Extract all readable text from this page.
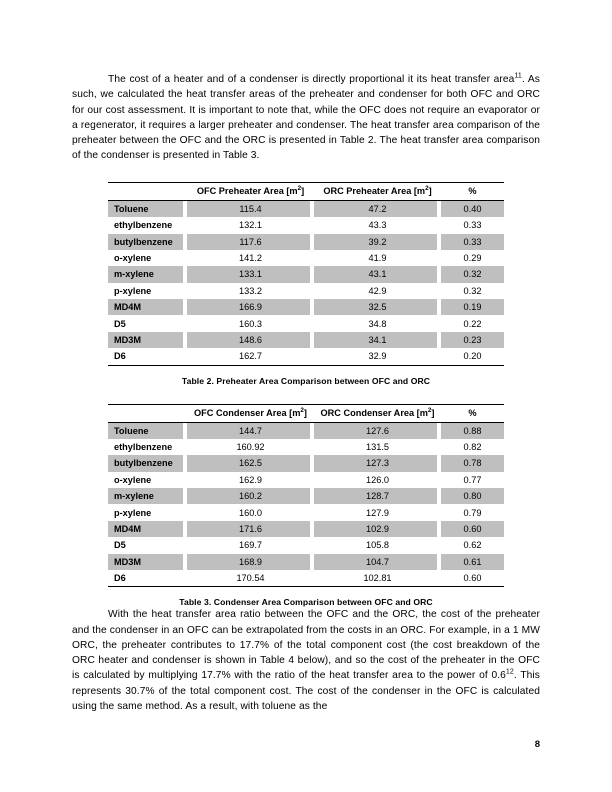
The cost of a heater and of a condenser is directly proportional it its heat transfer area$^{11}$. As such, we calculated the heat transfer areas of the preheater and condenser for both OFC and ORC for our cost assessment. It is important to note that, while the OFC does not require an evaporator or a regenerator, it requires a larger preheater and condenser. The heat transfer area comparison of the preheater between the OFC and the ORC is presented in Table 2. The heat transfer area comparison of the condenser is presented in Table 3.

	OFC Preheater Area $[m^2]$	ORC Preheater Area $[m^2]$	%
Toluene	115.4	47.2	0.40
ethylbenzene	132.1	43.3	0.33
butylbenzene	117.6	39.2	0.33
o-xylene	141.2	41.9	0.29
m-xylene	133.1	43.1	0.32
p-xylene	133.2	42.9	0.32
MD4M	166.9	32.5	0.19
D5	160.3	34.8	0.22
MD3M	148.6	34.1	0.23
D6	162.7	32.9	0.20
Table 2. Preheater Area Comparison between OFC and ORC
	OFC Condenser Area $[m^2]$	ORC Condenser Area $[m^2]$	%
Toluene	144.7	127.6	0.88
ethylbenzene	160.92	131.5	0.82
butylbenzene	162.5	127.3	0.78
o-xylene	162.9	126.0	0.77
m-xylene	160.2	128.7	0.80
p-xylene	160.0	127.9	0.79
MD4M	171.6	102.9	0.60
D5	169.7	105.8	0.62
MD3M	168.9	104.7	0.61
D6	170.54	102.81	0.60
Table 3. Condenser Area Comparison between OFC and ORC

With the heat transfer area ratio between the OFC and the ORC, the cost of the preheater and the condenser in an OFC can be extrapolated from the costs in an ORC. For example, in a 1 MW ORC, the preheater contributes to 17.7% of the total component cost (the cost breakdown of the ORC heater and condenser is shown in Table 4 below), and so the cost of the preheater in the OFC is calculated by multiplying 17.7% with the ratio of the heat transfer area to the power of $0.6^{12}$. This represents 30.7% of the total component cost. The cost of the condenser in the OFC is calculated using the same method. As a result, with toluene as the

8
